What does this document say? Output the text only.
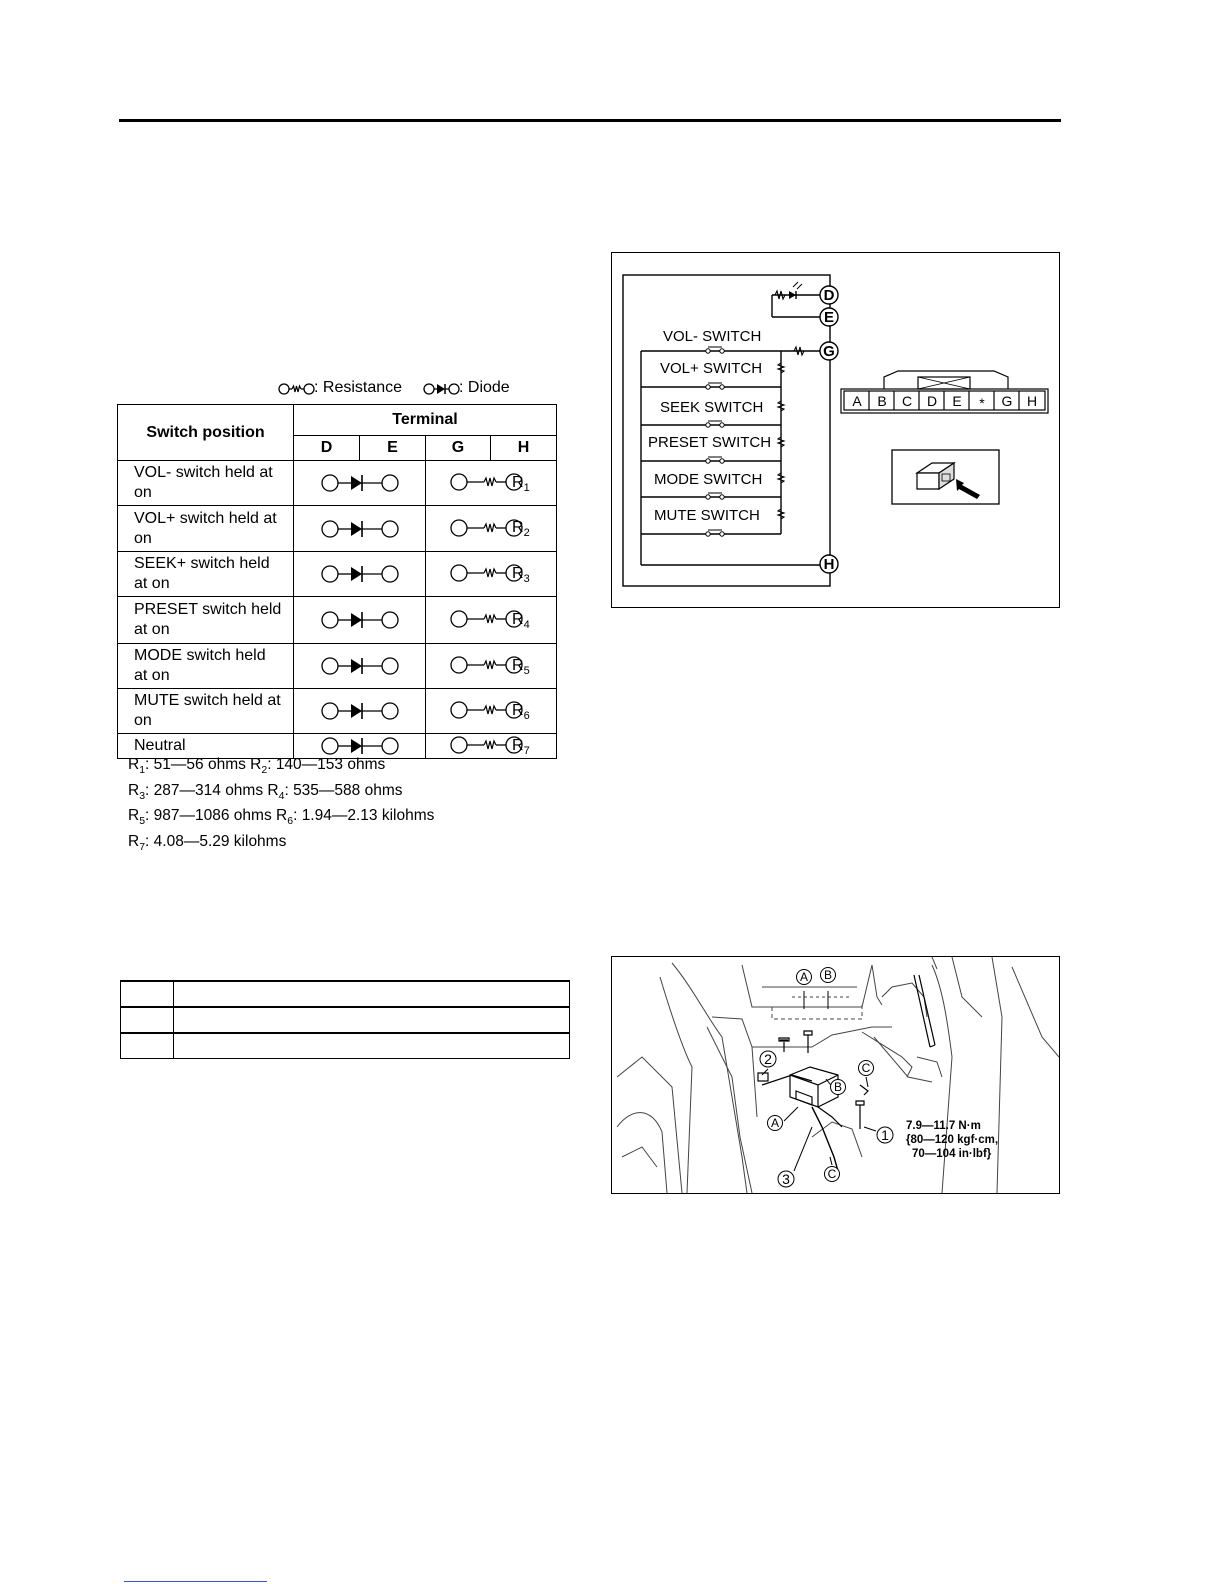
: Resistance	: Diode
Switch position	Terminal			
	D	E	G	H
VOL- switch held at on			$R_1$
VOL+ switch held at on			$R_2$
SEEK+ switch held at on			$R_3$
PRESET switch held at on			$R_4$
MODE switch held at on			$R_5$
MUTE switch held at on			$R_6$
Neutral			$R_7$
$R_1$: 51—56 ohms $R_2$: 140—153 ohms
$R_3$: 287—314 ohms $R_4$: 535—588 ohms
$R_5$: 987—1086 ohms $R_6$: 1.94—2.13 kilohms
$R_7$: 4.08—5.29 kilohms

VOL- SWITCH
VOL+ SWITCH
SEEK SWITCH
PRESET SWITCH
MODE SWITCH
MUTE SWITCH
D
E
G
H
A B C D E * G H
A B
B
A
C
C
1
2
3
7.9—11.7 N·m
{80—120 kgf·cm,
70—104 in·lbf}
